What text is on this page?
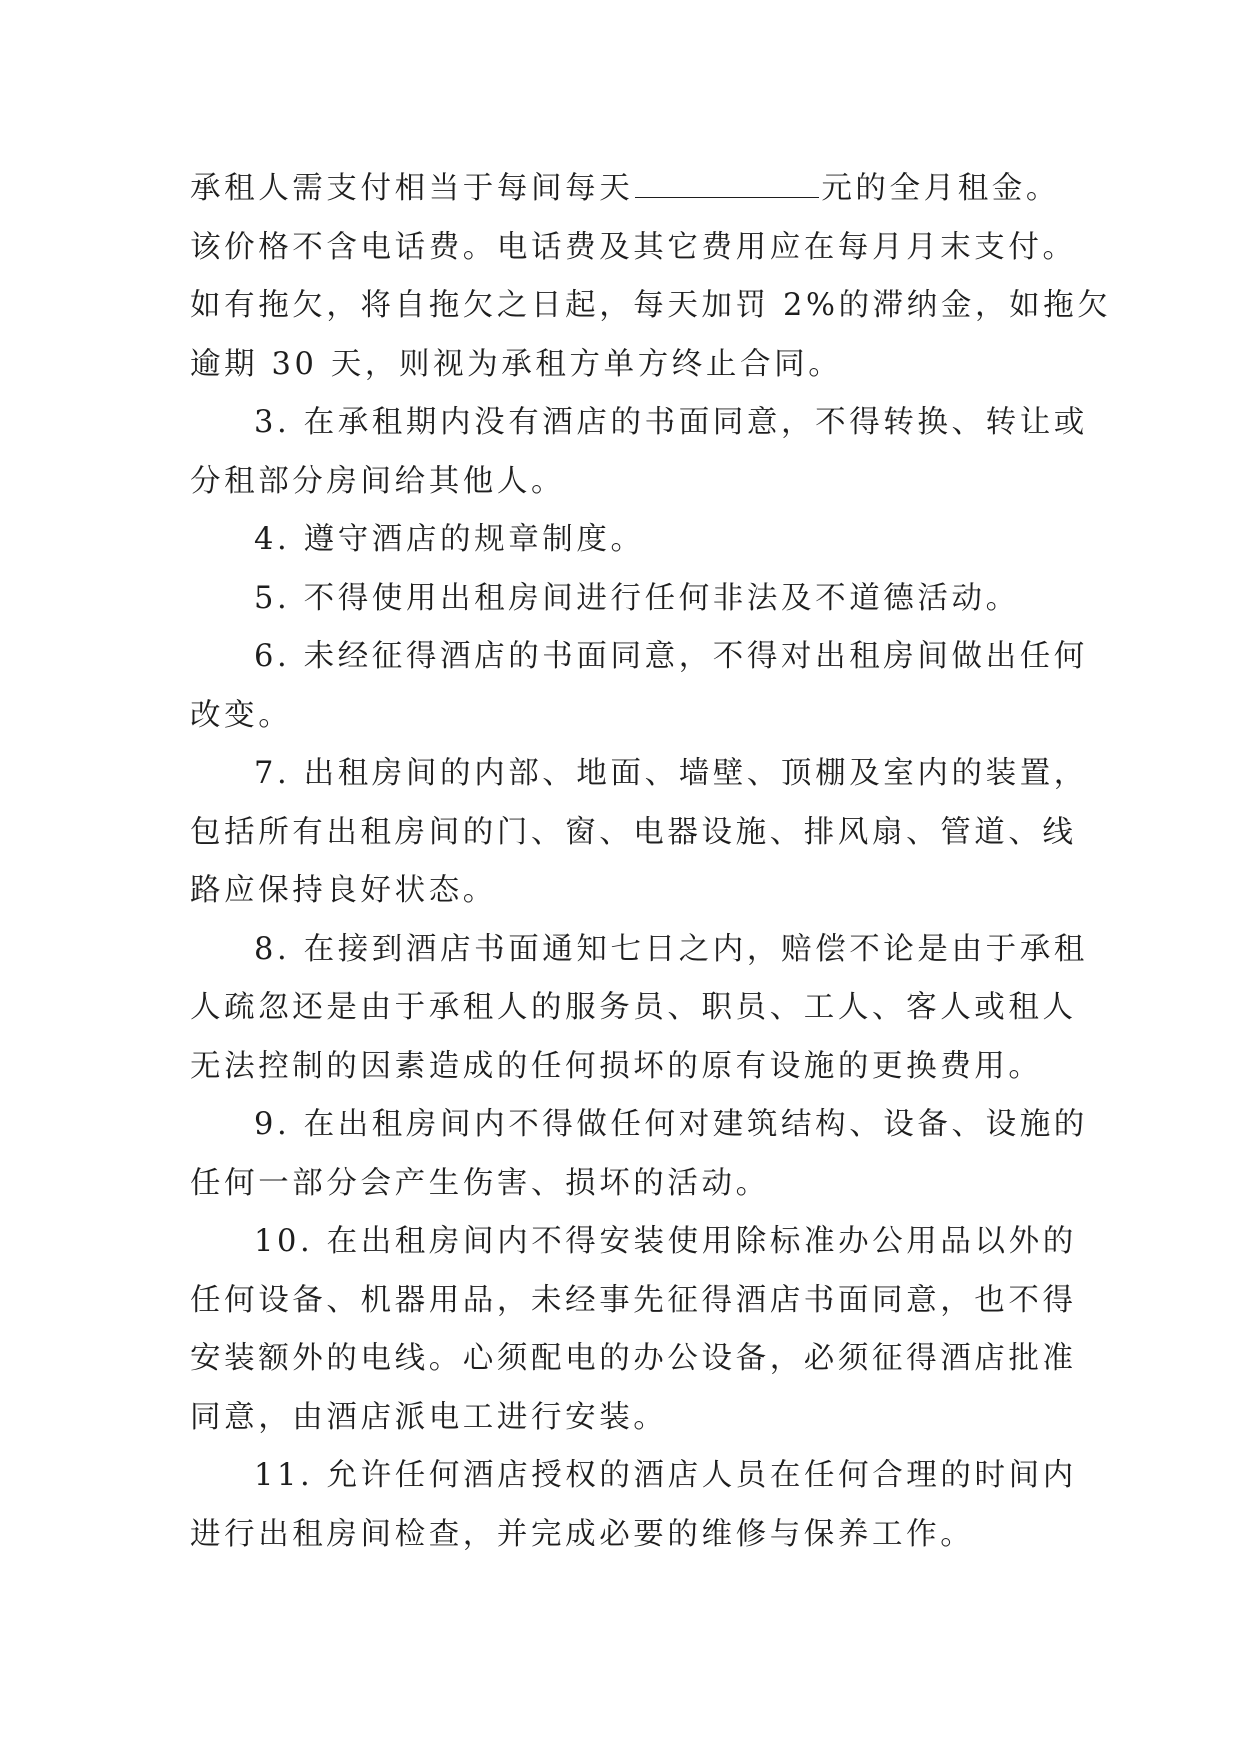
承租人需支付相当于每间每天	元的全月租金。
该价格不含电话费。电话费及其它费用应在每月月末支付。
如有拖欠，将自拖欠之日起，每天加罚 2%的滞纳金，如拖欠
逾期 30 天，则视为承租方单方终止合同。
3. 在承租期内没有酒店的书面同意，不得转换、转让或
分租部分房间给其他人。
4. 遵守酒店的规章制度。
5. 不得使用出租房间进行任何非法及不道德活动。
6. 未经征得酒店的书面同意，不得对出租房间做出任何
改变。
7. 出租房间的内部、地面、墙壁、顶棚及室内的装置，
包括所有出租房间的门、窗、电器设施、排风扇、管道、线
路应保持良好状态。
8. 在接到酒店书面通知七日之内，赔偿不论是由于承租
人疏忽还是由于承租人的服务员、职员、工人、客人或租人
无法控制的因素造成的任何损坏的原有设施的更换费用。
9. 在出租房间内不得做任何对建筑结构、设备、设施的
任何一部分会产生伤害、损坏的活动。
10. 在出租房间内不得安装使用除标准办公用品以外的
任何设备、机器用品，未经事先征得酒店书面同意，也不得
安装额外的电线。心须配电的办公设备，必须征得酒店批准
同意，由酒店派电工进行安装。
11. 允许任何酒店授权的酒店人员在任何合理的时间内
进行出租房间检查，并完成必要的维修与保养工作。
